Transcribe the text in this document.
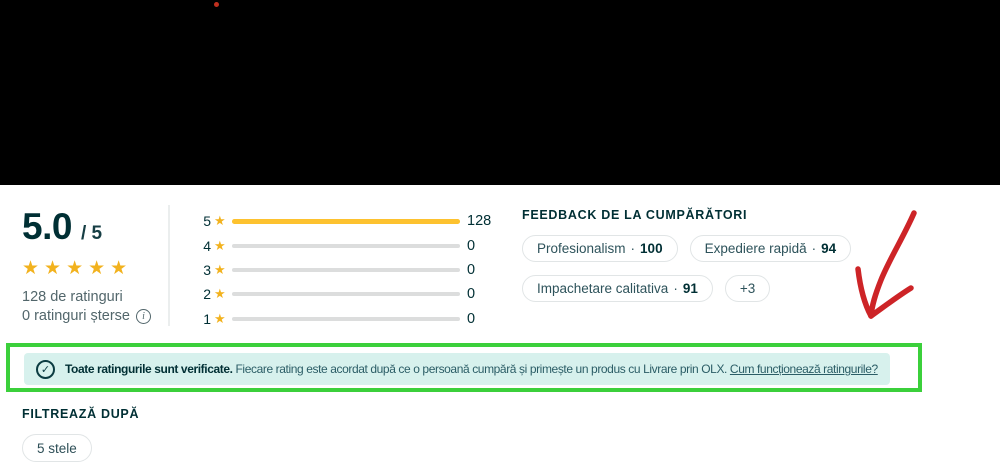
5.0 / 5
★★★★★
128 de ratinguri
0 ratinguri șterse	i
5 ★	128
4 ★	0
3 ★	0
2 ★	0
1 ★	0
FEEDBACK DE LA CUMPĂRĂTORI
Profesionalism · 100	Expediere rapidă · 94
Impachetare calitativa · 91	+3
✓	Toate ratingurile sunt verificate. Fiecare rating este acordat după ce o persoană cumpără și primește un produs cu Livrare prin OLX. Cum funcționează ratingurile?

FILTREAZĂ DUPĂ
5 stele
